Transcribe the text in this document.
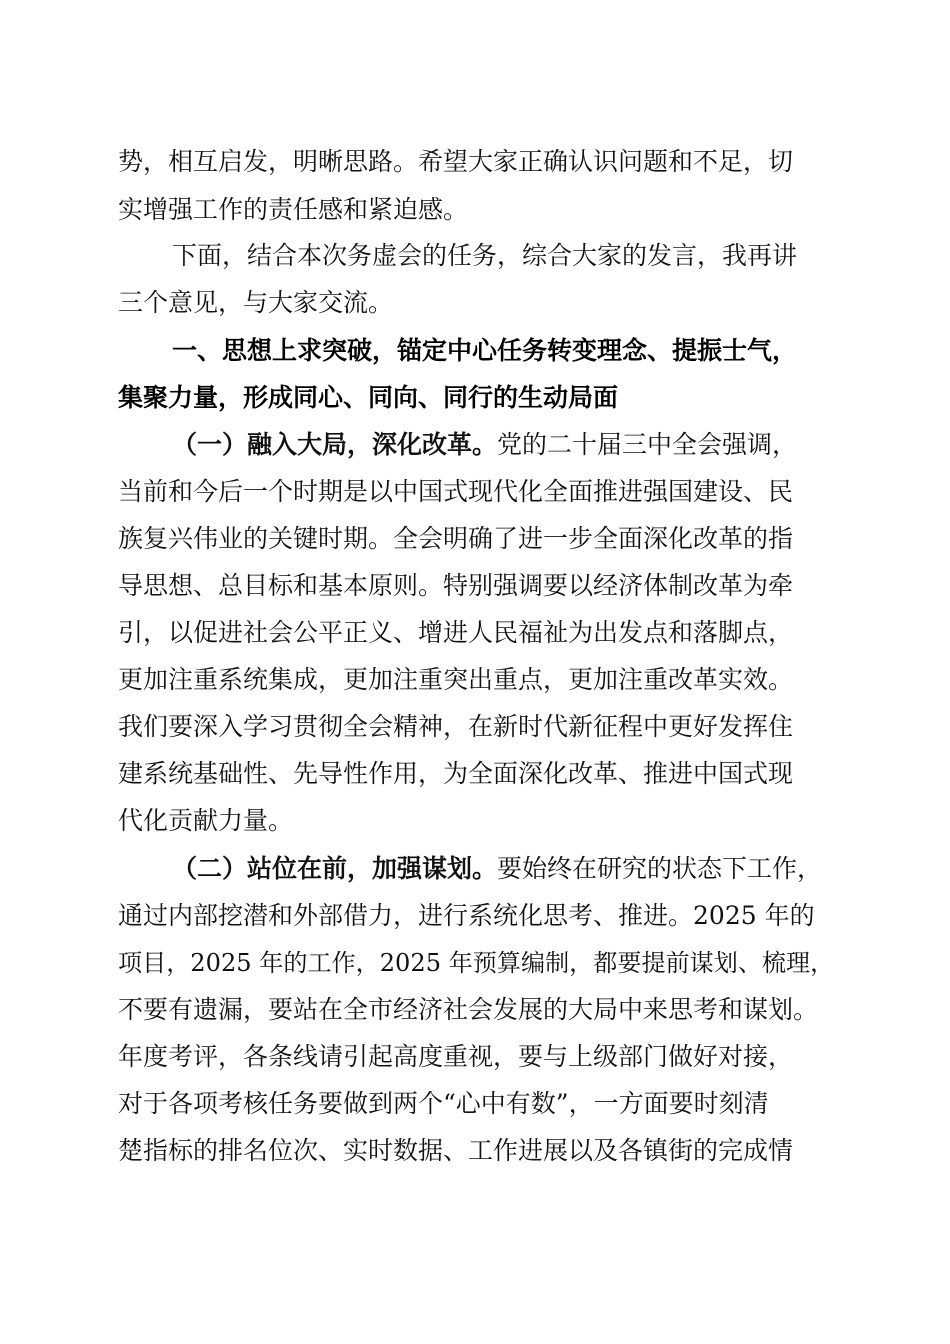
势，相互启发，明晰思路。希望大家正确认识问题和不足，切
实增强工作的责任感和紧迫感。
下面，结合本次务虚会的任务，综合大家的发言，我再讲
三个意见，与大家交流。
一、思想上求突破，锚定中心任务转变理念、提振士气，
集聚力量，形成同心、同向、同行的生动局面
（一）融入大局，深化改革。党的二十届三中全会强调，
当前和今后一个时期是以中国式现代化全面推进强国建设、民
族复兴伟业的关键时期。全会明确了进一步全面深化改革的指
导思想、总目标和基本原则。特别强调要以经济体制改革为牵
引，以促进社会公平正义、增进人民福祉为出发点和落脚点，
更加注重系统集成，更加注重突出重点，更加注重改革实效。
我们要深入学习贯彻全会精神，在新时代新征程中更好发挥住
建系统基础性、先导性作用，为全面深化改革、推进中国式现
代化贡献力量。
（二）站位在前，加强谋划。要始终在研究的状态下工作，
通过内部挖潜和外部借力，进行系统化思考、推进。2025 年的
项目，2025 年的工作，2025 年预算编制，都要提前谋划、梳理，
不要有遗漏，要站在全市经济社会发展的大局中来思考和谋划。
年度考评，各条线请引起高度重视，要与上级部门做好对接，
对于各项考核任务要做到两个“心中有数”，一方面要时刻清
楚指标的排名位次、实时数据、工作进展以及各镇街的完成情
